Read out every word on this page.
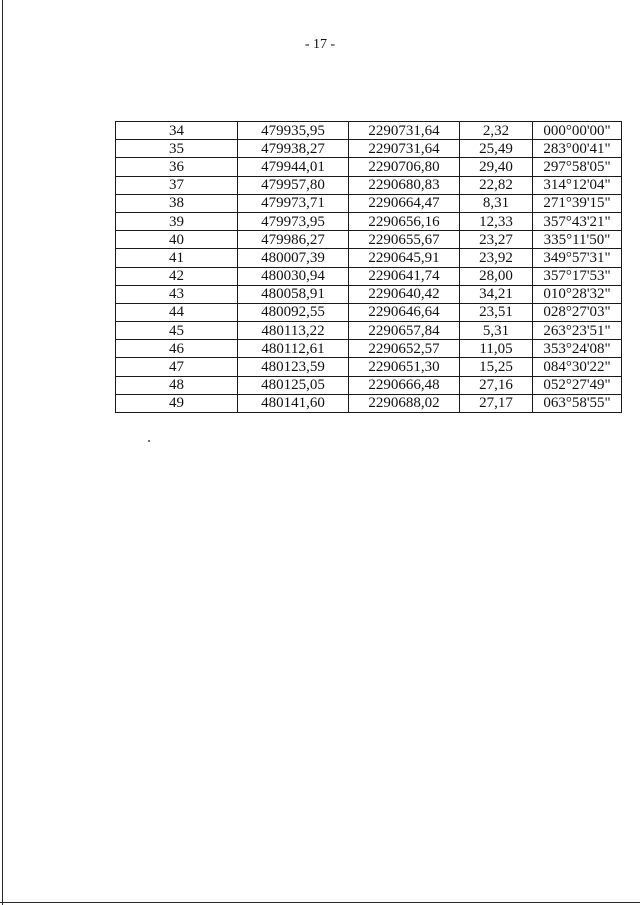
- 17 -
34	479935,95	2290731,64	2,32	000°00'00"
35	479938,27	2290731,64	25,49	283°00'41"
36	479944,01	2290706,80	29,40	297°58'05"
37	479957,80	2290680,83	22,82	314°12'04"
38	479973,71	2290664,47	8,31	271°39'15"
39	479973,95	2290656,16	12,33	357°43'21"
40	479986,27	2290655,67	23,27	335°11'50"
41	480007,39	2290645,91	23,92	349°57'31"
42	480030,94	2290641,74	28,00	357°17'53"
43	480058,91	2290640,42	34,21	010°28'32"
44	480092,55	2290646,64	23,51	028°27'03"
45	480113,22	2290657,84	5,31	263°23'51"
46	480112,61	2290652,57	11,05	353°24'08"
47	480123,59	2290651,30	15,25	084°30'22"
48	480125,05	2290666,48	27,16	052°27'49"
49	480141,60	2290688,02	27,17	063°58'55"
